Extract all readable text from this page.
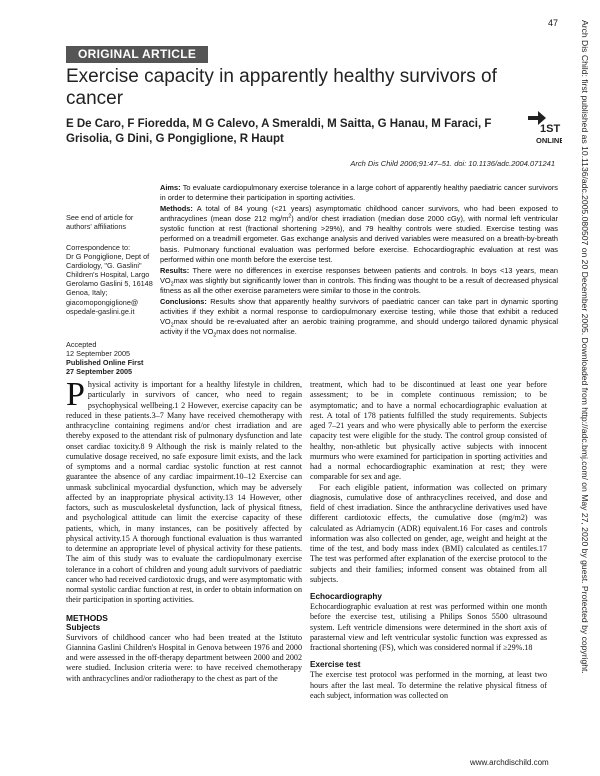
47	Arch Dis Child: first published as 10.1136/adc.2005.080507 on 20 December 2005. Downloaded from http://adc.bmj.com/ on May 27, 2020 by guest. Protected by copyright.
ORIGINAL ARTICLE
Exercise capacity in apparently healthy survivors of cancer
E De Caro, F Fioredda, M G Calevo, A Smeraldi, M Saitta, G Hanau, M Faraci, F Grisolia, G Dini, G Pongiglione, R Haupt
1ST
ONLINE
Arch Dis Child 2006;91:47–51. doi: 10.1136/adc.2004.071241

Aims: To evaluate cardiopulmonary exercise tolerance in a large cohort of apparently healthy paediatric cancer survivors in order to determine their participation in sporting activities.

Methods: A total of 84 young (<21 years) asymptomatic childhood cancer survivors, who had been exposed to anthracyclines (mean dose 212 $mg/m^2$) and/or chest irradiation (median dose 2000 cGy), with normal left ventricular systolic function at rest (fractional shortening >29%), and 79 healthy controls were studied. Exercise testing was performed on a treadmill ergometer. Gas exchange analysis and derived variables were measured on a breath-by-breath basis. Pulmonary functional evaluation was performed before exercise. Echocardiographic evaluation at rest was performed within one month before the exercise test.

Results: There were no differences in exercise responses between patients and controls. In boys <13 years, mean $VO_2\max$ was slightly but significantly lower than in controls. This finding was thought to be a result of decreased physical fitness as all the other exercise parameters were similar to those in the controls.

Conclusions: Results show that apparently healthy survivors of paediatric cancer can take part in dynamic sporting activities if they exhibit a normal response to cardiopulmonary exercise testing, while those that exhibit a reduced $VO_2\max$ should be re-evaluated after an aerobic training programme, and should undergo tailored dynamic physical activity if the $VO_2\max$ does not normalise.

See end of article for authors' affiliations
Correspondence to:
Dr G Pongiglione, Dept of Cardiology, "G. Gaslini" Children's Hospital, Largo Gerolamo Gaslini 5, 16148 Genoa, Italy; giacomopongiglione@ ospedale-gaslini.ge.it
Accepted
12 September 2005
Published Online First
27 September 2005

Physical activity is important for a healthy lifestyle in children, particularly in survivors of cancer, who need to regain psychophysical wellbeing.1 2 However, exercise capacity can be reduced in these patients.3–7 Many have received chemotherapy with anthracycline containing regimens and/or chest irradiation and are thereby exposed to the attendant risk of pulmonary dysfunction and late onset cardiac toxicity.8 9 Although the risk is mainly related to the cumulative dosage received, no safe exposure limit exists, and the lack of symptoms and a normal cardiac systolic function at rest cannot guarantee the absence of any cardiac impairment.10–12 Exercise can unmask subclinical myocardial dysfunction, which may be adversely affected by an inappropriate physical activity.13 14 However, other factors, such as musculoskeletal dysfunction, lack of physical fitness, and psychological attitude can limit the exercise capacity of these patients, which, in many instances, can be positively affected by physical activity.15 A thorough functional evaluation is thus warranted to determine an appropriate level of physical activity for these patients. The aim of this study was to evaluate the cardiopulmonary exercise tolerance in a cohort of children and young adult survivors of paediatric cancer who had received cardiotoxic drugs, and were asymptomatic with normal systolic cardiac function at rest, in order to obtain information on their participation in sporting activities.

METHODS
Subjects

Survivors of childhood cancer who had been treated at the Istituto Giannina Gaslini Children's Hospital in Genova between 1976 and 2000 and were assessed in the off-therapy department between 2000 and 2002 were studied. Inclusion criteria were: to have received chemotherapy with anthracyclines and/or radiotherapy to the chest as part of the

treatment, which had to be discontinued at least one year before assessment; to be in complete continuous remission; to be asymptomatic; and to have a normal echocardiographic evaluation at rest. A total of 178 patients fulfilled the study requirements. Subjects aged 7–21 years and who were physically able to perform the exercise capacity test were eligible for the study. The control group consisted of healthy, non-athletic but physically active subjects with innocent murmurs who were examined for participation in sporting activities and had a normal echocardiographic examination at rest; they were comparable for sex and age.

For each eligible patient, information was collected on primary diagnosis, cumulative dose of anthracyclines received, and dose and field of chest irradiation. Since the anthracycline derivatives used have different cardiotoxic effects, the cumulative dose (mg/m2) was calculated as Adriamycin (ADR) equivalent.16 For cases and controls information was also collected on gender, age, weight and height at the time of the test, and body mass index (BMI) calculated as centiles.17 The test was performed after explanation of the exercise protocol to the subjects and their families; informed consent was obtained from all subjects.

Echocardiography

Echocardiographic evaluation at rest was performed within one month before the exercise test, utilising a Philips Sonos 5500 ultrasound system. Left ventricle dimensions were determined in the short axis of parasternal view and left ventricular systolic function was expressed as fractional shortening (FS), which was considered normal if ≥29%.18

Exercise test

The exercise test protocol was performed in the morning, at least two hours after the last meal. To determine the relative physical fitness of each subject, information was collected on

www.archdischild.com
